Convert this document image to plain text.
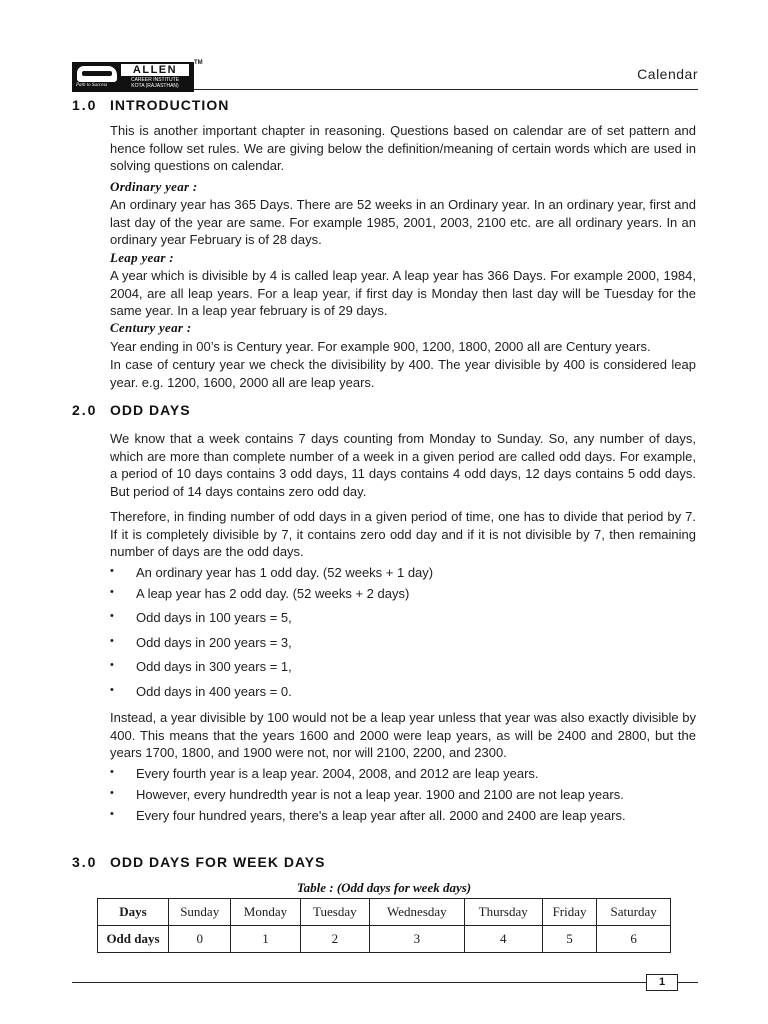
ALLEN
CAREER INSTITUTE
KOTA (RAJASTHAN)
Path to Success
TM
Calendar
1.0 INTRODUCTION
This is another important chapter in reasoning. Questions based on calendar are of set pattern and hence follow set rules. We are giving below the definition/meaning of certain words which are used in solving questions on calendar.
Ordinary year :
An ordinary year has 365 Days. There are 52 weeks in an Ordinary year. In an ordinary year, first and last day of the year are same. For example 1985, 2001, 2003, 2100 etc. are all ordinary years. In an ordinary year February is of 28 days.
Leap year :
A year which is divisible by 4 is called leap year. A leap year has 366 Days. For example 2000, 1984, 2004, are all leap years. For a leap year, if first day is Monday then last day will be Tuesday for the same year. In a leap year february is of 29 days.
Century year :
Year ending in 00’s is Century year. For example 900, 1200, 1800, 2000 all are Century years.
In case of century year we check the divisibility by 400. The year divisible by 400 is considered leap year. e.g. 1200, 1600, 2000 all are leap years.
2.0 ODD DAYS
We know that a week contains 7 days counting from Monday to Sunday. So, any number of days, which are more than complete number of a week in a given period are called odd days. For example, a period of 10 days contains 3 odd days, 11 days contains 4 odd days, 12 days contains 5 odd days. But period of 14 days contains zero odd day.
Therefore, in finding number of odd days in a given period of time, one has to divide that period by 7. If it is completely divisible by 7, it contains zero odd day and if it is not divisible by 7, then remaining number of days are the odd days.
• An ordinary year has 1 odd day. (52 weeks + 1 day)
• A leap year has 2 odd day. (52 weeks + 2 days)
• Odd days in 100 years = 5,
• Odd days in 200 years = 3,
• Odd days in 300 years = 1,
• Odd days in 400 years = 0.
Instead, a year divisible by 100 would not be a leap year unless that year was also exactly divisible by 400. This means that the years 1600 and 2000 were leap years, as will be 2400 and 2800, but the years 1700, 1800, and 1900 were not, nor will 2100, 2200, and 2300.
• Every fourth year is a leap year. 2004, 2008, and 2012 are leap years.
• However, every hundredth year is not a leap year. 1900 and 2100 are not leap years.
• Every four hundred years, there's a leap year after all. 2000 and 2400 are leap years.
3.0 ODD DAYS FOR WEEK DAYS
Table : (Odd days for week days)
Days	Sunday	Monday	Tuesday	Wednesday	Thursday	Friday	Saturday
Odd days	0	1	2	3	4	5	6
1
